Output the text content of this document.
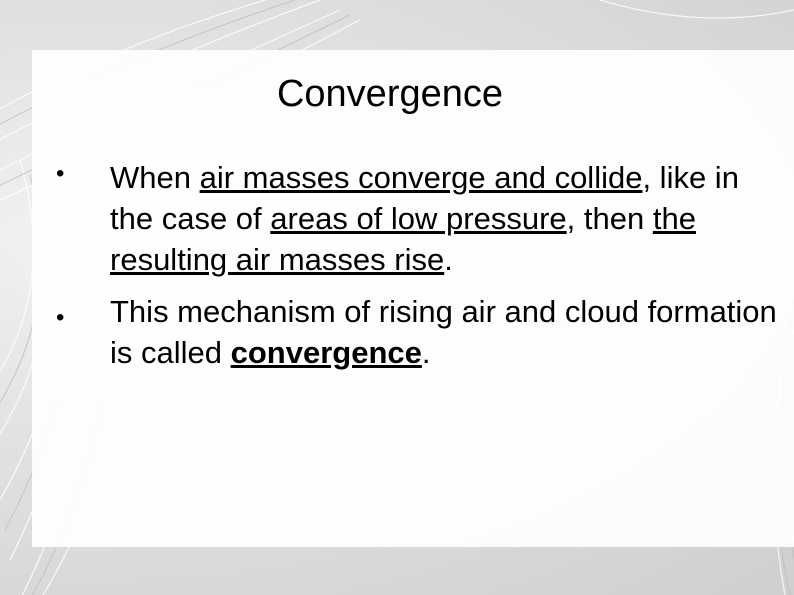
Convergence
• When air masses converge and collide, like in the case of areas of low pressure, then the resulting air masses rise.
• This mechanism of rising air and cloud formation is called convergence.
